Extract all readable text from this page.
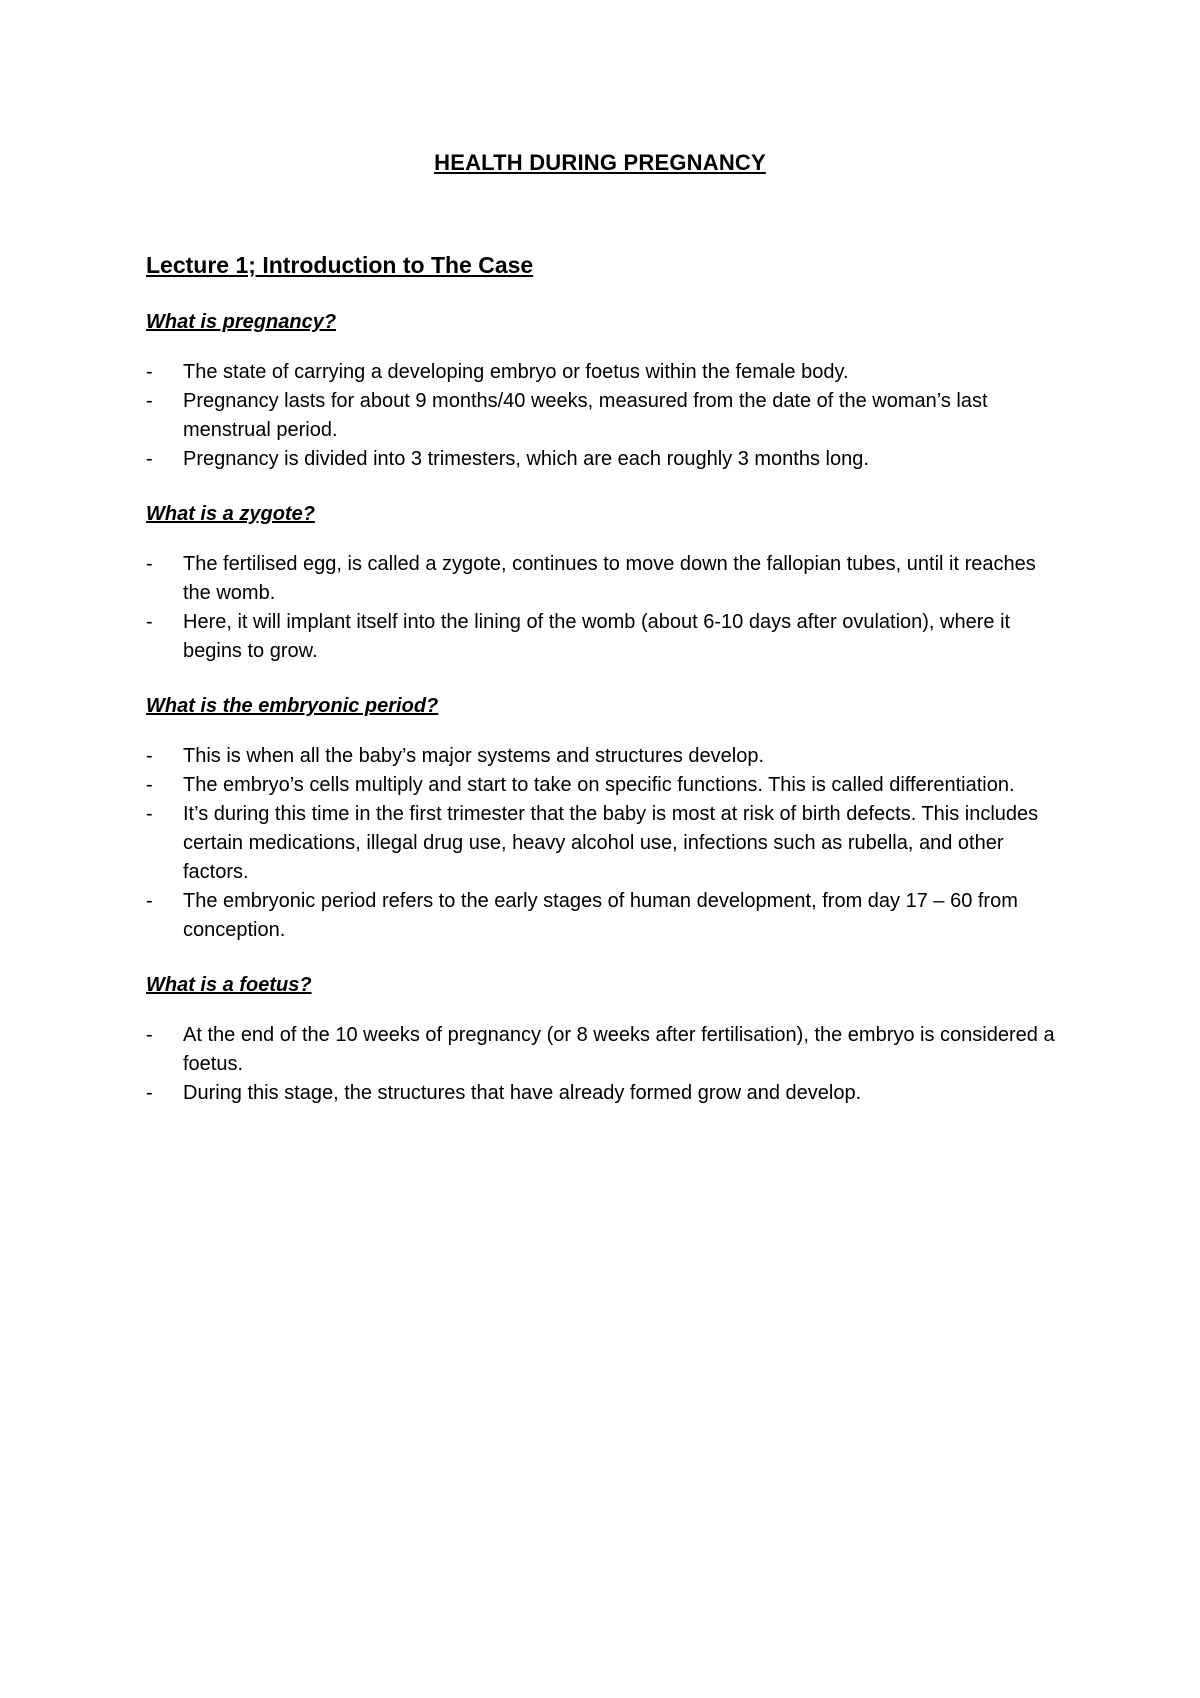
HEALTH DURING PREGNANCY
Lecture 1; Introduction to The Case
What is pregnancy?
-	The state of carrying a developing embryo or foetus within the female body.
-	Pregnancy lasts for about 9 months/40 weeks, measured from the date of the woman’s last menstrual period.
-	Pregnancy is divided into 3 trimesters, which are each roughly 3 months long.
What is a zygote?
-	The fertilised egg, is called a zygote, continues to move down the fallopian tubes, until it reaches the womb.
-	Here, it will implant itself into the lining of the womb (about 6-10 days after ovulation), where it begins to grow.
What is the embryonic period?
-	This is when all the baby’s major systems and structures develop.
-	The embryo’s cells multiply and start to take on specific functions. This is called differentiation.
-	It’s during this time in the first trimester that the baby is most at risk of birth defects. This includes certain medications, illegal drug use, heavy alcohol use, infections such as rubella, and other factors.
-	The embryonic period refers to the early stages of human development, from day 17 – 60 from conception.
What is a foetus?
-	At the end of the 10 weeks of pregnancy (or 8 weeks after fertilisation), the embryo is considered a foetus.
-	During this stage, the structures that have already formed grow and develop.
